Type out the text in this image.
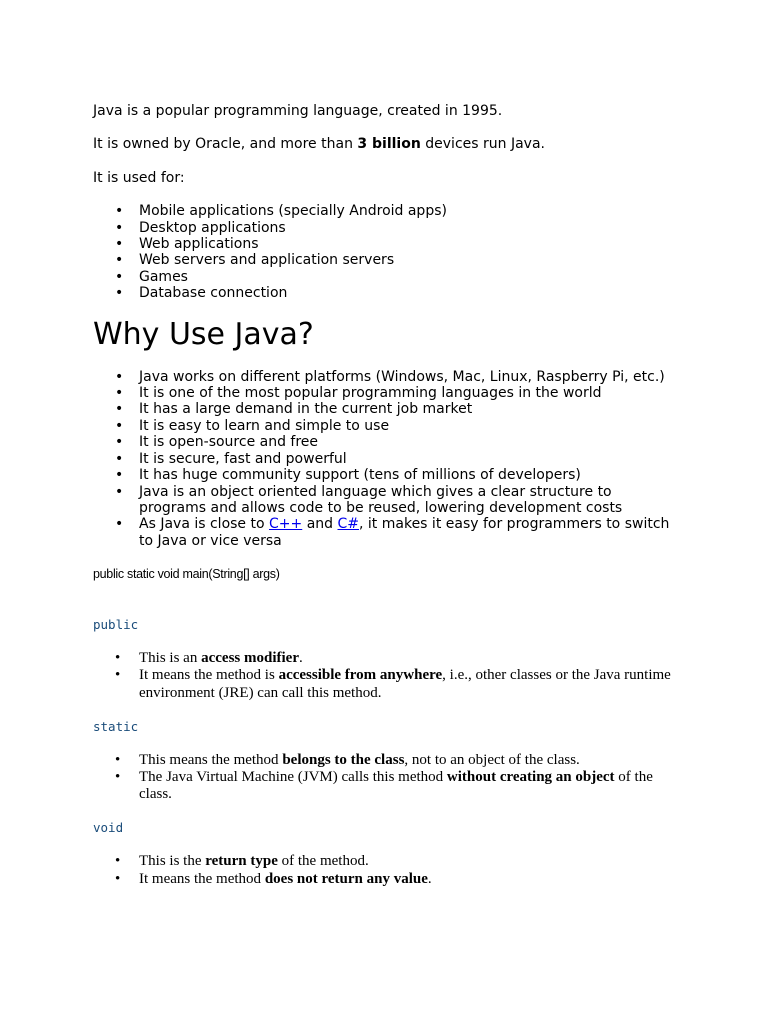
Java is a popular programming language, created in 1995.

It is owned by Oracle, and more than 3 billion devices run Java.

It is used for:

• Mobile applications (specially Android apps)
• Desktop applications
• Web applications
• Web servers and application servers
• Games
• Database connection
Why Use Java?
• Java works on different platforms (Windows, Mac, Linux, Raspberry Pi, etc.)
• It is one of the most popular programming languages in the world
• It has a large demand in the current job market
• It is easy to learn and simple to use
• It is open-source and free
• It is secure, fast and powerful
• It has huge community support (tens of millions of developers)
• Java is an object oriented language which gives a clear structure to programs and allows code to be reused, lowering development costs
• As Java is close to C++ and C#, it makes it easy for programmers to switch to Java or vice versa
public static void main(String[] args)
public
• This is an access modifier.
• It means the method is accessible from anywhere, i.e., other classes or the Java runtime environment (JRE) can call this method.
static
• This means the method belongs to the class, not to an object of the class.
• The Java Virtual Machine (JVM) calls this method without creating an object of the class.
void
• This is the return type of the method.
• It means the method does not return any value.
